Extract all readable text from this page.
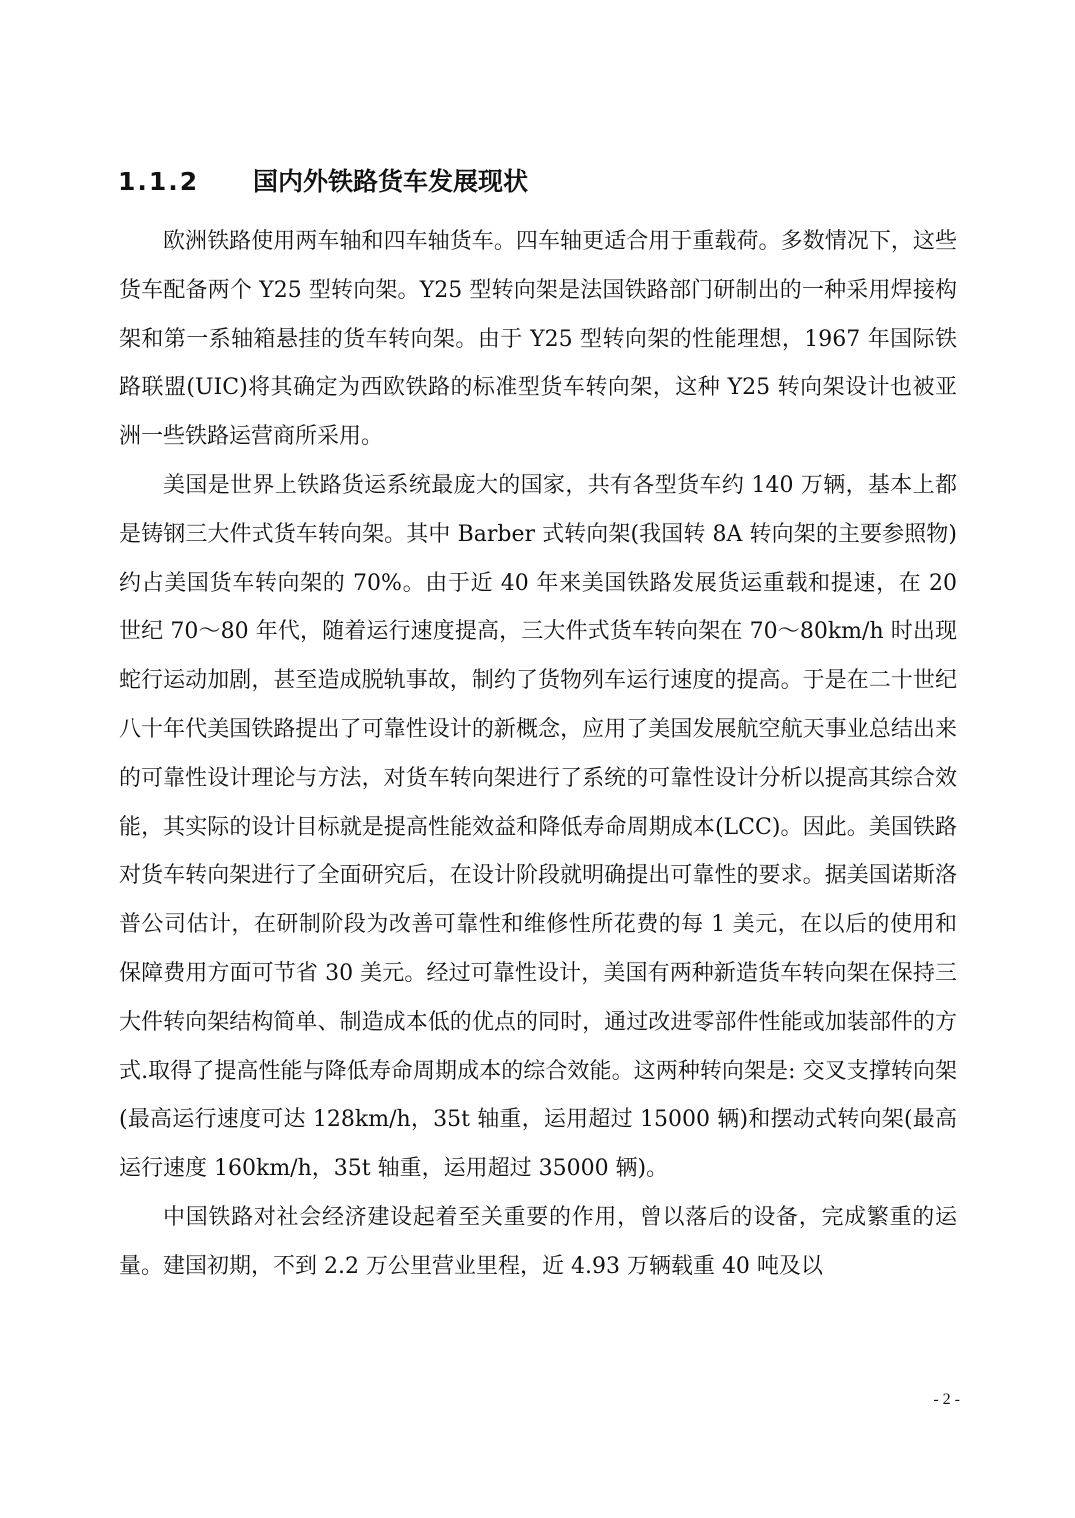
1.1.2 国内外铁路货车发展现状

欧洲铁路使用两车轴和四车轴货车。四车轴更适合用于重载荷。多数情况下，这些货车配备两个 Y25 型转向架。Y25 型转向架是法国铁路部门研制出的一种采用焊接构架和第一系轴箱悬挂的货车转向架。由于 Y25 型转向架的性能理想，1967 年国际铁路联盟(UIC)将其确定为西欧铁路的标准型货车转向架，这种 Y25 转向架设计也被亚洲一些铁路运营商所采用。

美国是世界上铁路货运系统最庞大的国家，共有各型货车约 140 万辆，基本上都是铸钢三大件式货车转向架。其中 Barber 式转向架(我国转 8A 转向架的主要参照物)约占美国货车转向架的 70%。由于近 40 年来美国铁路发展货运重载和提速，在 20 世纪 70～80 年代，随着运行速度提高，三大件式货车转向架在 70～80km/h 时出现蛇行运动加剧，甚至造成脱轨事故，制约了货物列车运行速度的提高。于是在二十世纪八十年代美国铁路提出了可靠性设计的新概念，应用了美国发展航空航天事业总结出来的可靠性设计理论与方法，对货车转向架进行了系统的可靠性设计分析以提高其综合效能，其实际的设计目标就是提高性能效益和降低寿命周期成本(LCC)。因此。美国铁路对货车转向架进行了全面研究后，在设计阶段就明确提出可靠性的要求。据美国诺斯洛普公司估计，在研制阶段为改善可靠性和维修性所花费的每 1 美元，在以后的使用和保障费用方面可节省 30 美元。经过可靠性设计，美国有两种新造货车转向架在保持三大件转向架结构简单、制造成本低的优点的同时，通过改进零部件性能或加装部件的方式.取得了提高性能与降低寿命周期成本的综合效能。这两种转向架是: 交叉支撑转向架(最高运行速度可达 128km/h，35t 轴重，运用超过 15000 辆)和摆动式转向架(最高运行速度 160km/h，35t 轴重，运用超过 35000 辆)。

中国铁路对社会经济建设起着至关重要的作用，曾以落后的设备，完成繁重的运量。建国初期，不到 2.2 万公里营业里程，近 4.93 万辆载重 40 吨及以

- 2 -
